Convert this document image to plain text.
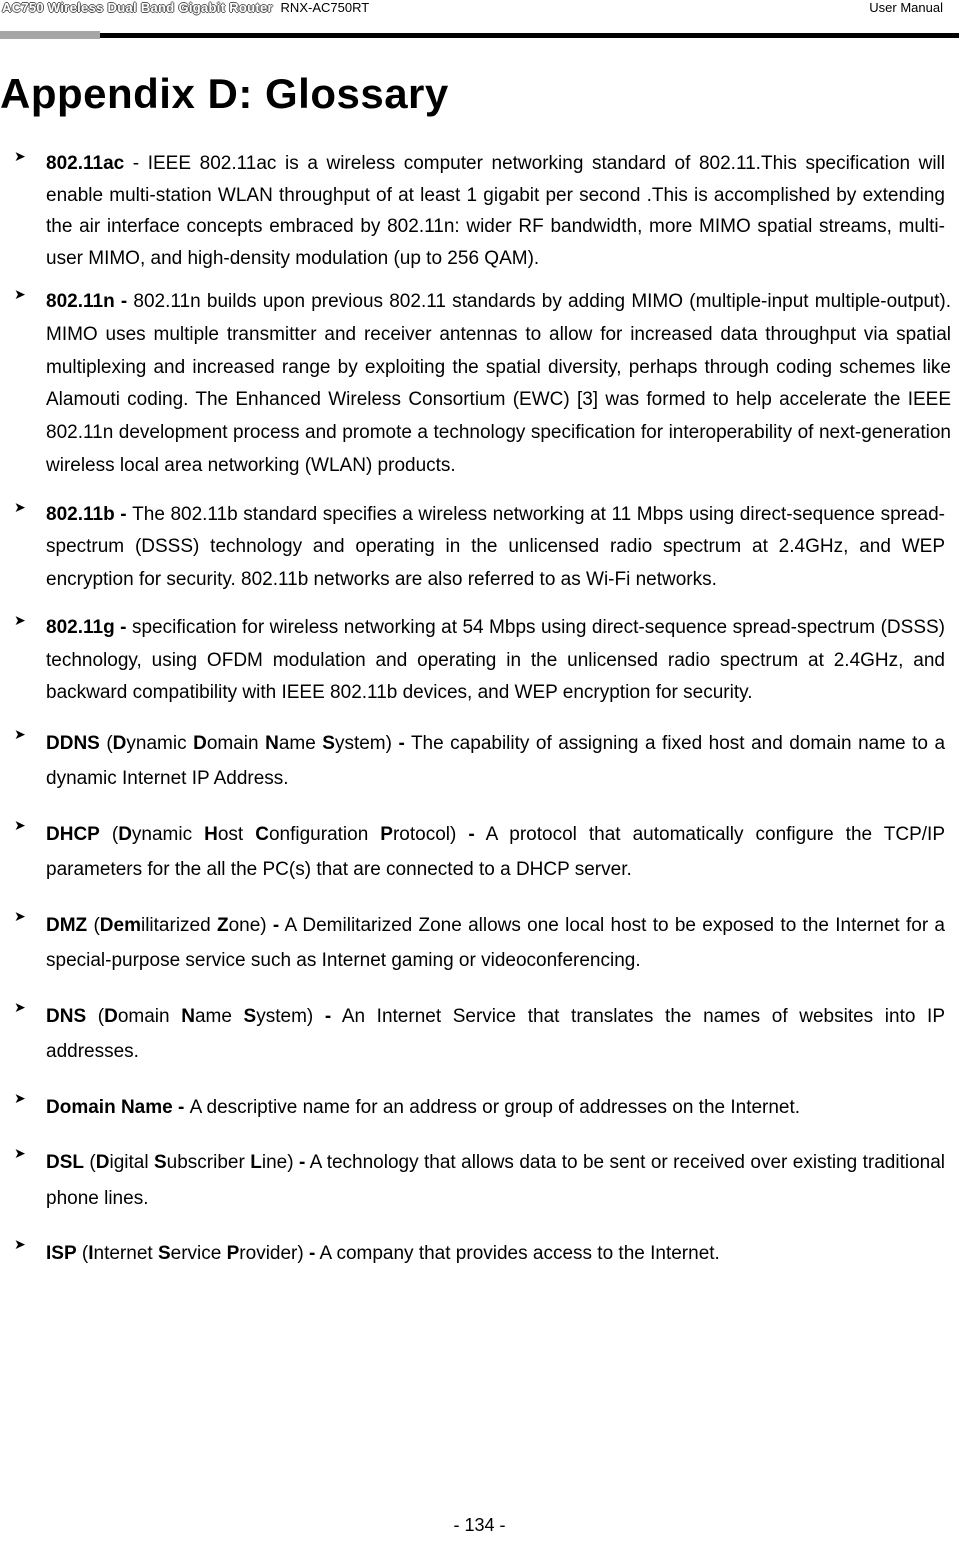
AC750 Wireless Dual Band Gigabit Router RNX-AC750RT	User Manual
Appendix D: Glossary
➤ 802.11ac - IEEE 802.11ac is a wireless computer networking standard of 802.11.This specification will enable multi-station WLAN throughput of at least 1 gigabit per second .This is accomplished by extending the air interface concepts embraced by 802.11n: wider RF bandwidth, more MIMO spatial streams, multi-user MIMO, and high-density modulation (up to 256 QAM).
➤ 802.11n - 802.11n builds upon previous 802.11 standards by adding MIMO (multiple-input multiple-output). MIMO uses multiple transmitter and receiver antennas to allow for increased data throughput via spatial multiplexing and increased range by exploiting the spatial diversity, perhaps through coding schemes like Alamouti coding. The Enhanced Wireless Consortium (EWC) [3] was formed to help accelerate the IEEE 802.11n development process and promote a technology specification for interoperability of next-generation wireless local area networking (WLAN) products.
➤ 802.11b - The 802.11b standard specifies a wireless networking at 11 Mbps using direct-sequence spread-spectrum (DSSS) technology and operating in the unlicensed radio spectrum at 2.4GHz, and WEP encryption for security. 802.11b networks are also referred to as Wi-Fi networks.
➤ 802.11g - specification for wireless networking at 54 Mbps using direct-sequence spread-spectrum (DSSS) technology, using OFDM modulation and operating in the unlicensed radio spectrum at 2.4GHz, and backward compatibility with IEEE 802.11b devices, and WEP encryption for security.
➤ DDNS (Dynamic Domain Name System) - The capability of assigning a fixed host and domain name to a dynamic Internet IP Address.
➤ DHCP (Dynamic Host Configuration Protocol) - A protocol that automatically configure the TCP/IP parameters for the all the PC(s) that are connected to a DHCP server.
➤ DMZ (Demilitarized Zone) - A Demilitarized Zone allows one local host to be exposed to the Internet for a special-purpose service such as Internet gaming or videoconferencing.
➤ DNS (Domain Name System) - An Internet Service that translates the names of websites into IP addresses.
➤ Domain Name - A descriptive name for an address or group of addresses on the Internet.
➤ DSL (Digital Subscriber Line) - A technology that allows data to be sent or received over existing traditional phone lines.
➤ ISP (Internet Service Provider) - A company that provides access to the Internet.
- 134 -
